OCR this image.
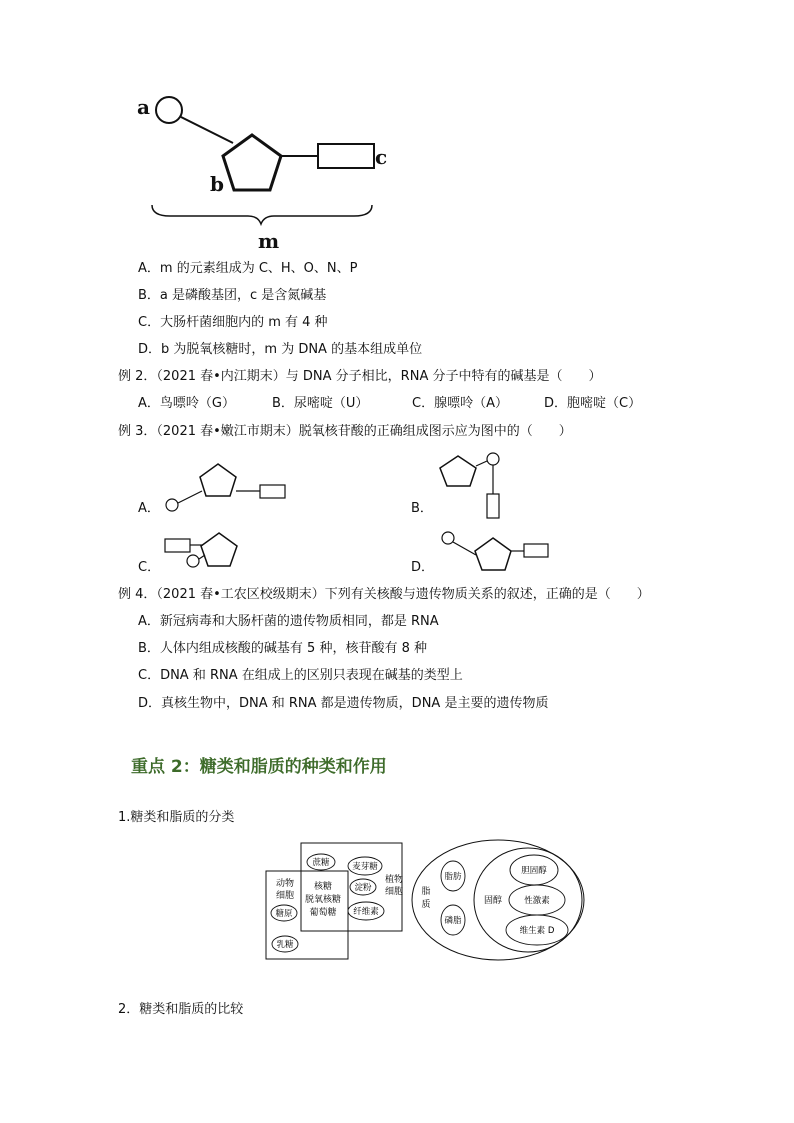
a
b
c
m
A．m 的元素组成为 C、H、O、N、P
B．a 是磷酸基团，c 是含氮碱基
C．大肠杆菌细胞内的 m 有 4 种
D．b 为脱氧核糖时，m 为 DNA 的基本组成单位
例 2．（2021 春•内江期末）与 DNA 分子相比，RNA 分子中特有的碱基是（　　）
A．鸟嘌呤（G）	B．尿嘧啶（U）	C．腺嘌呤（A）	D．胞嘧啶（C）
例 3．（2021 春•嫩江市期末）脱氧核苷酸的正确组成图示应为图中的（　　）
A．	B．
C．	D．
例 4．（2021 春•工农区校级期末）下列有关核酸与遗传物质关系的叙述，正确的是（　　）
A．新冠病毒和大肠杆菌的遗传物质相同，都是 RNA
B．人体内组成核酸的碱基有 5 种，核苷酸有 8 种
C．DNA 和 RNA 在组成上的区别只表现在碱基的类型上
D．真核生物中，DNA 和 RNA 都是遗传物质，DNA 是主要的遗传物质
重点 2：糖类和脂质的种类和作用
1.糖类和脂质的分类
动物
细胞
糖原
乳糖
蔗糖
核糖
脱氧核糖
葡萄糖
麦芽糖
淀粉
纤维素
植物
细胞 脂
质
脂肪
磷脂
固醇
胆固醇
性激素
维生素 D
2．糖类和脂质的比较
